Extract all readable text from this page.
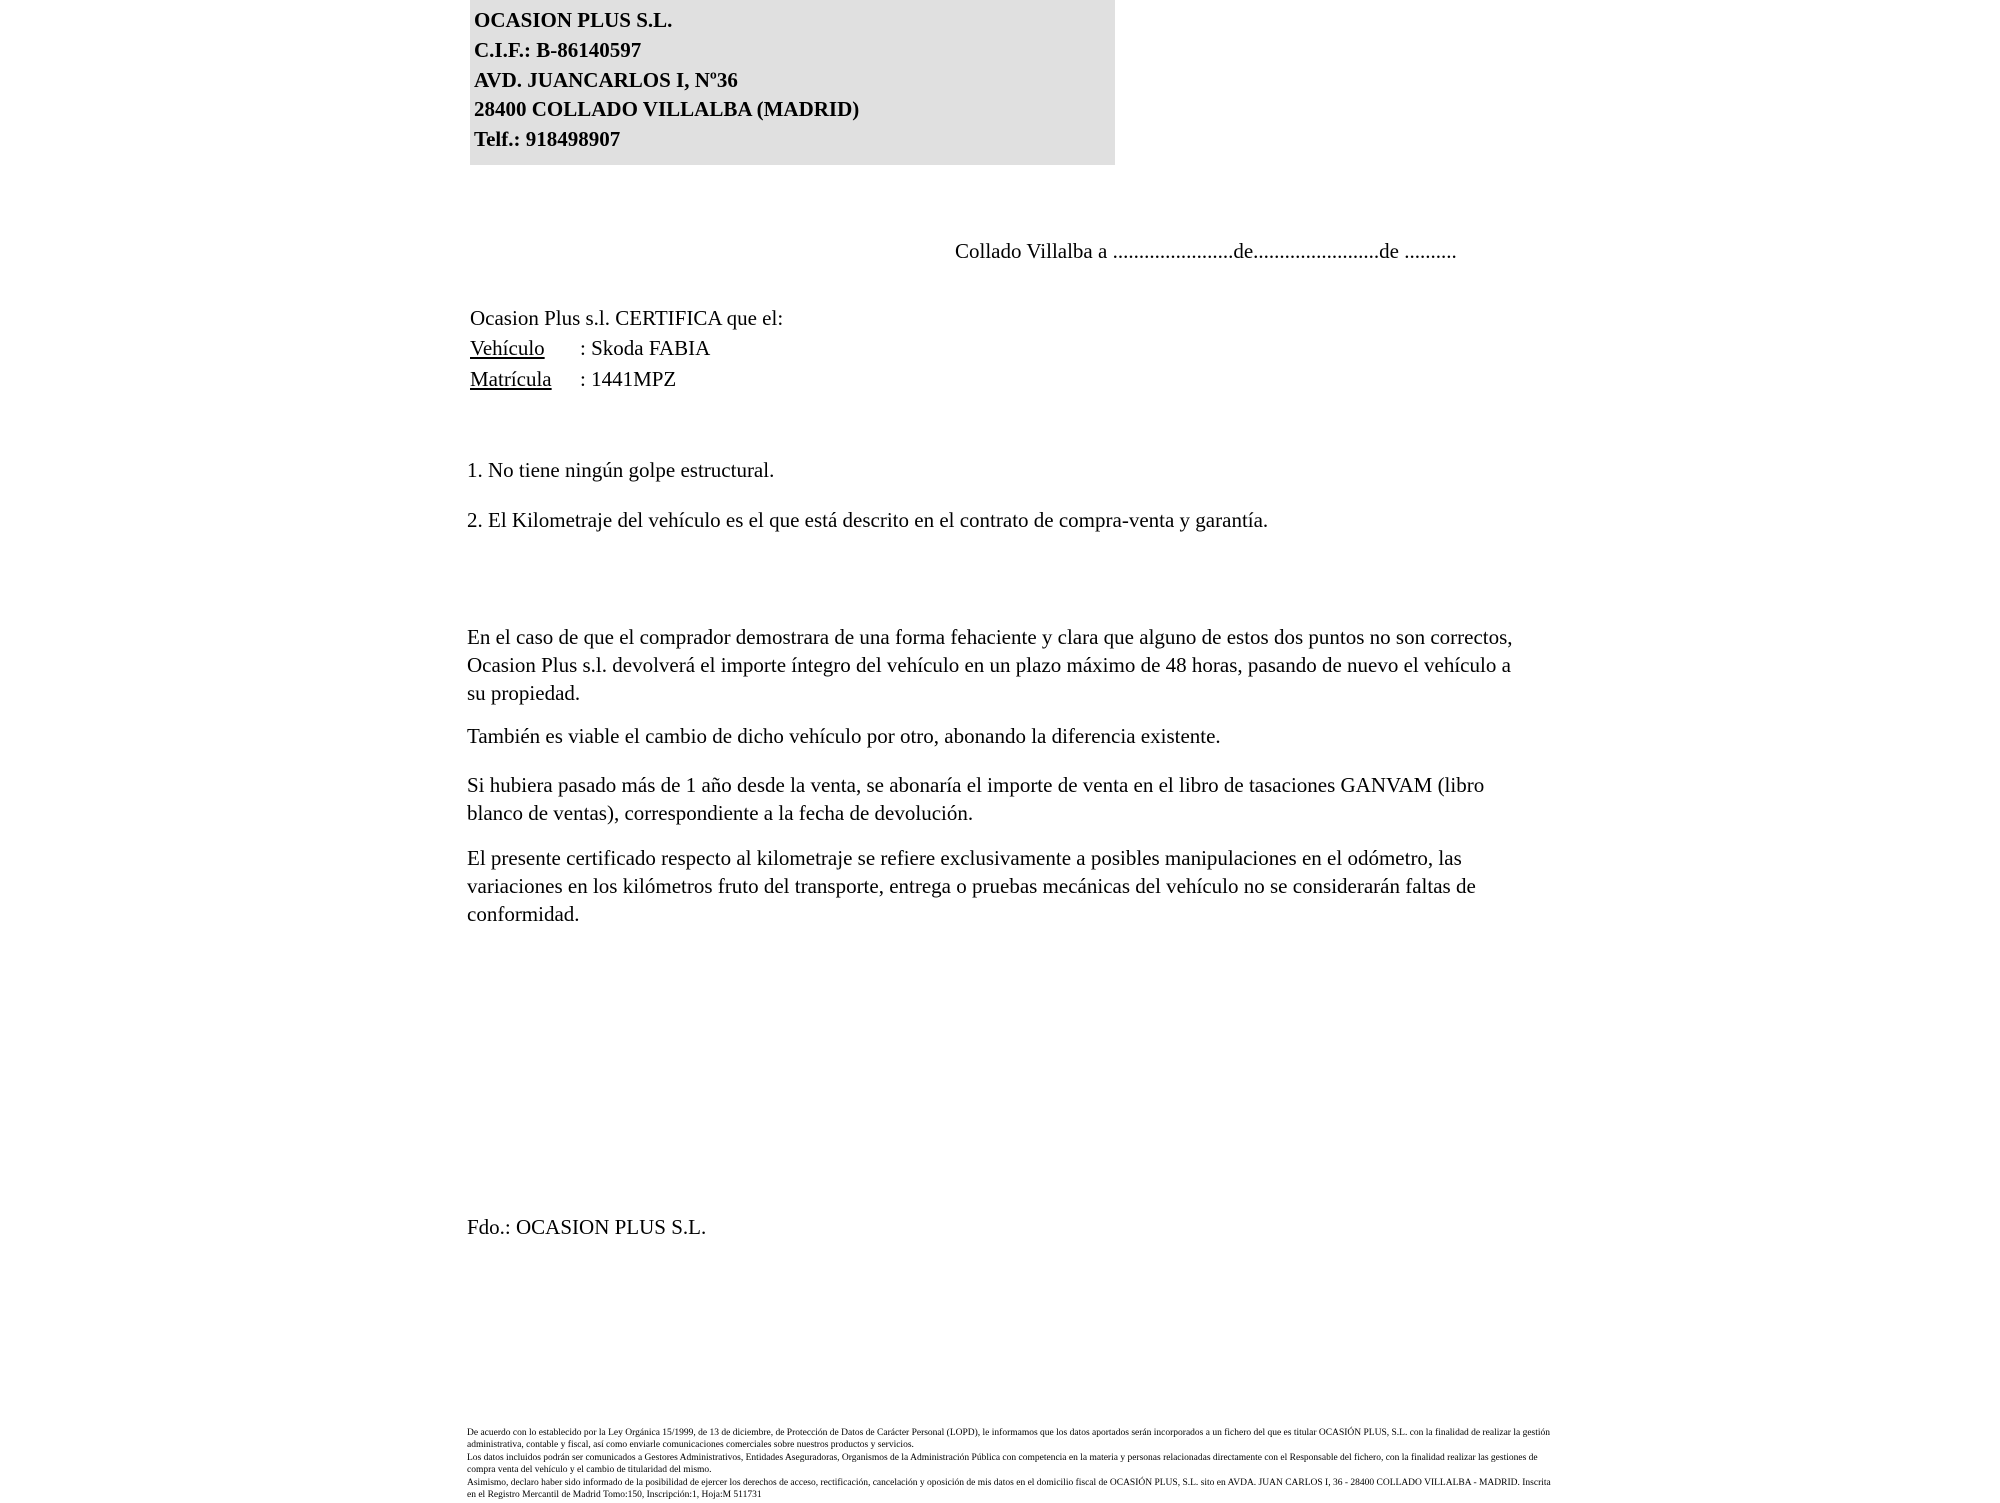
OCASION PLUS S.L.
C.I.F.: B-86140597
AVD. JUANCARLOS I, Nº36
28400 COLLADO VILLALBA (MADRID)
Telf.: 918498907
Collado Villalba a .......................de........................de ..........
Ocasion Plus s.l. CERTIFICA que el:
Vehículo : Skoda FABIA
Matrícula : 1441MPZ
1. No tiene ningún golpe estructural.
2. El Kilometraje del vehículo es el que está descrito en el contrato de compra-venta y garantía.
En el caso de que el comprador demostrara de una forma fehaciente y clara que alguno de estos dos puntos no son correctos, Ocasion Plus s.l. devolverá el importe íntegro del vehículo en un plazo máximo de 48 horas, pasando de nuevo el vehículo a su propiedad.
También es viable el cambio de dicho vehículo por otro, abonando la diferencia existente.
Si hubiera pasado más de 1 año desde la venta, se abonaría el importe de venta en el libro de tasaciones GANVAM (libro blanco de ventas), correspondiente a la fecha de devolución.
El presente certificado respecto al kilometraje se refiere exclusivamente a posibles manipulaciones en el odómetro, las variaciones en los kilómetros fruto del transporte, entrega o pruebas mecánicas del vehículo no se considerarán faltas de conformidad.
Fdo.: OCASION PLUS S.L.

De acuerdo con lo establecido por la Ley Orgánica 15/1999, de 13 de diciembre, de Protección de Datos de Carácter Personal (LOPD), le informamos que los datos aportados serán incorporados a un fichero del que es titular OCASIÓN PLUS, S.L. con la finalidad de realizar la gestión administrativa, contable y fiscal, así como enviarle comunicaciones comerciales sobre nuestros productos y servicios.

Los datos incluidos podrán ser comunicados a Gestores Administrativos, Entidades Aseguradoras, Organismos de la Administración Pública con competencia en la materia y personas relacionadas directamente con el Responsable del fichero, con la finalidad realizar las gestiones de compra venta del vehículo y el cambio de titularidad del mismo.

Asimismo, declaro haber sido informado de la posibilidad de ejercer los derechos de acceso, rectificación, cancelación y oposición de mis datos en el domicilio fiscal de OCASIÓN PLUS, S.L. sito en AVDA. JUAN CARLOS I, 36 - 28400 COLLADO VILLALBA - MADRID. Inscrita en el Registro Mercantil de Madrid Tomo:150, Inscripción:1, Hoja:M 511731
